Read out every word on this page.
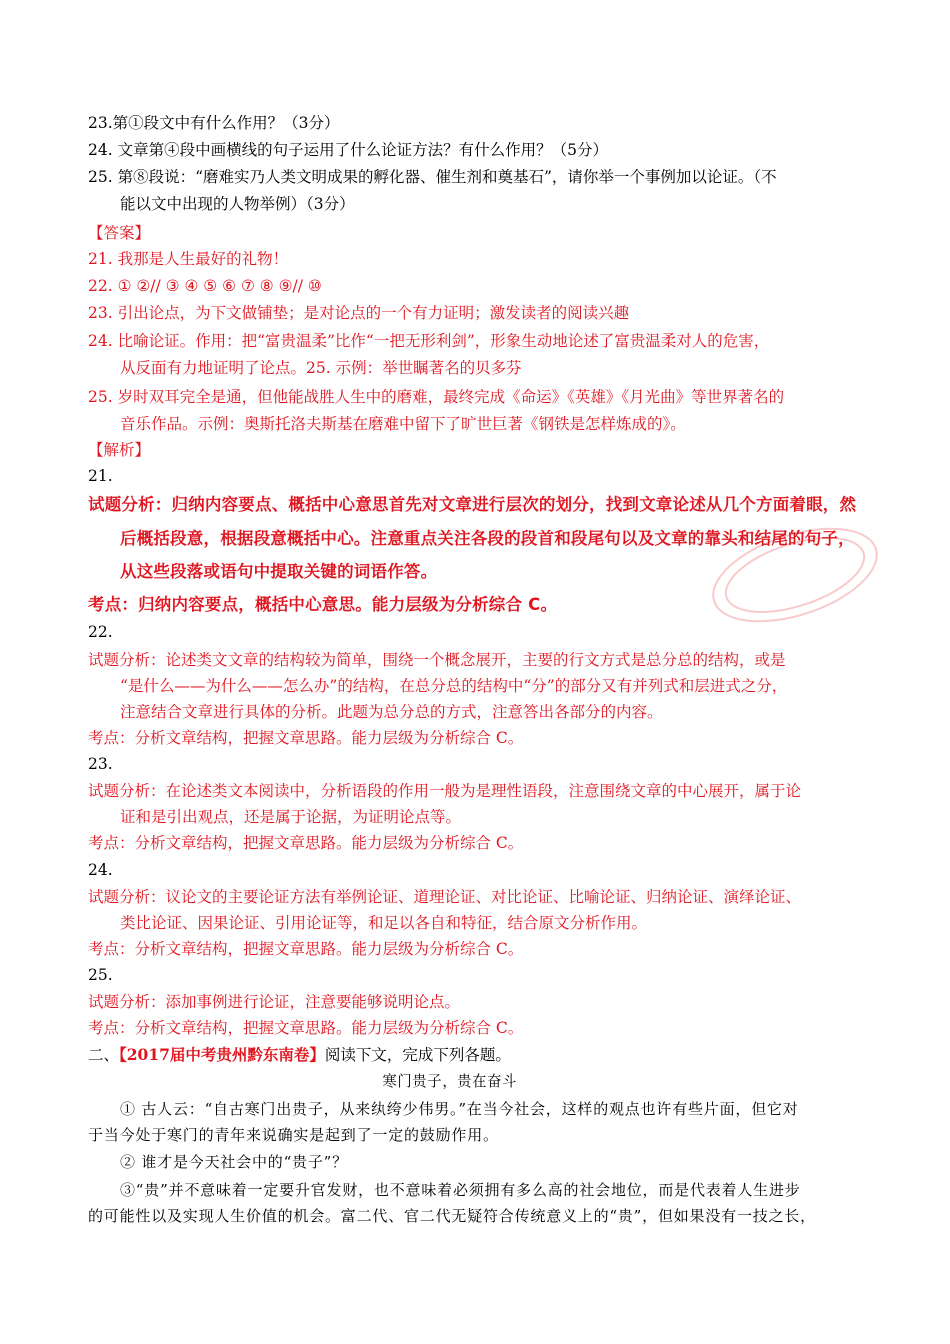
23.第①段文中有什么作用？（3分）
24. 文章第④段中画横线的句子运用了什么论证方法？有什么作用？（5分）
25. 第⑧段说：“磨难实乃人类文明成果的孵化器、催生剂和奠基石”，请你举一个事例加以论证。（不
能以文中出现的人物举例）（3分）
【答案】
21. 我那是人生最好的礼物！
22. ① ②// ③ ④ ⑤ ⑥ ⑦ ⑧ ⑨// ⑩
23. 引出论点，为下文做铺垫；是对论点的一个有力证明；激发读者的阅读兴趣
24. 比喻论证。作用：把“富贵温柔”比作“一把无形利剑”，形象生动地论述了富贵温柔对人的危害，
从反面有力地证明了论点。25. 示例：举世瞩著名的贝多芬
25. 岁时双耳完全是通，但他能战胜人生中的磨难，最终完成《命运》《英雄》《月光曲》等世界著名的
音乐作品。示例：奥斯托洛夫斯基在磨难中留下了旷世巨著《钢铁是怎样炼成的》。
【解析】
21.
试题分析：归纳内容要点、概括中心意思首先对文章进行层次的划分，找到文章论述从几个方面着眼，然
后概括段意，根据段意概括中心。注意重点关注各段的段首和段尾句以及文章的靠头和结尾的句子，
从这些段落或语句中提取关键的词语作答。
考点：归纳内容要点，概括中心意思。能力层级为分析综合 C。
22.
试题分析：论述类文文章的结构较为简单，围绕一个概念展开，主要的行文方式是总分总的结构，或是
“是什么——为什么——怎么办”的结构，在总分总的结构中“分”的部分又有并列式和层进式之分，
注意结合文章进行具体的分析。此题为总分总的方式，注意答出各部分的内容。
考点：分析文章结构，把握文章思路。能力层级为分析综合 C。
23.
试题分析：在论述类文本阅读中，分析语段的作用一般为是理性语段，注意围绕文章的中心展开，属于论
证和是引出观点，还是属于论据，为证明论点等。
考点：分析文章结构，把握文章思路。能力层级为分析综合 C。
24.
试题分析：议论文的主要论证方法有举例论证、道理论证、对比论证、比喻论证、归纳论证、演绎论证、
类比论证、因果论证、引用论证等，和足以各自和特征，结合原文分析作用。
考点：分析文章结构，把握文章思路。能力层级为分析综合 C。
25.
试题分析：添加事例进行论证，注意要能够说明论点。
考点：分析文章结构，把握文章思路。能力层级为分析综合 C。
二、【2017届中考贵州黔东南卷】阅读下文，完成下列各题。
寒门贵子，贵在奋斗
① 古人云：“自古寒门出贵子，从来纨绔少伟男。”在当今社会，这样的观点也许有些片面，但它对
于当今处于寒门的青年来说确实是起到了一定的鼓励作用。
② 谁才是今天社会中的“贵子”？
③“贵”并不意味着一定要升官发财，也不意味着必须拥有多么高的社会地位，而是代表着人生进步
的可能性以及实现人生价值的机会。富二代、官二代无疑符合传统意义上的“贵”，但如果没有一技之长，
